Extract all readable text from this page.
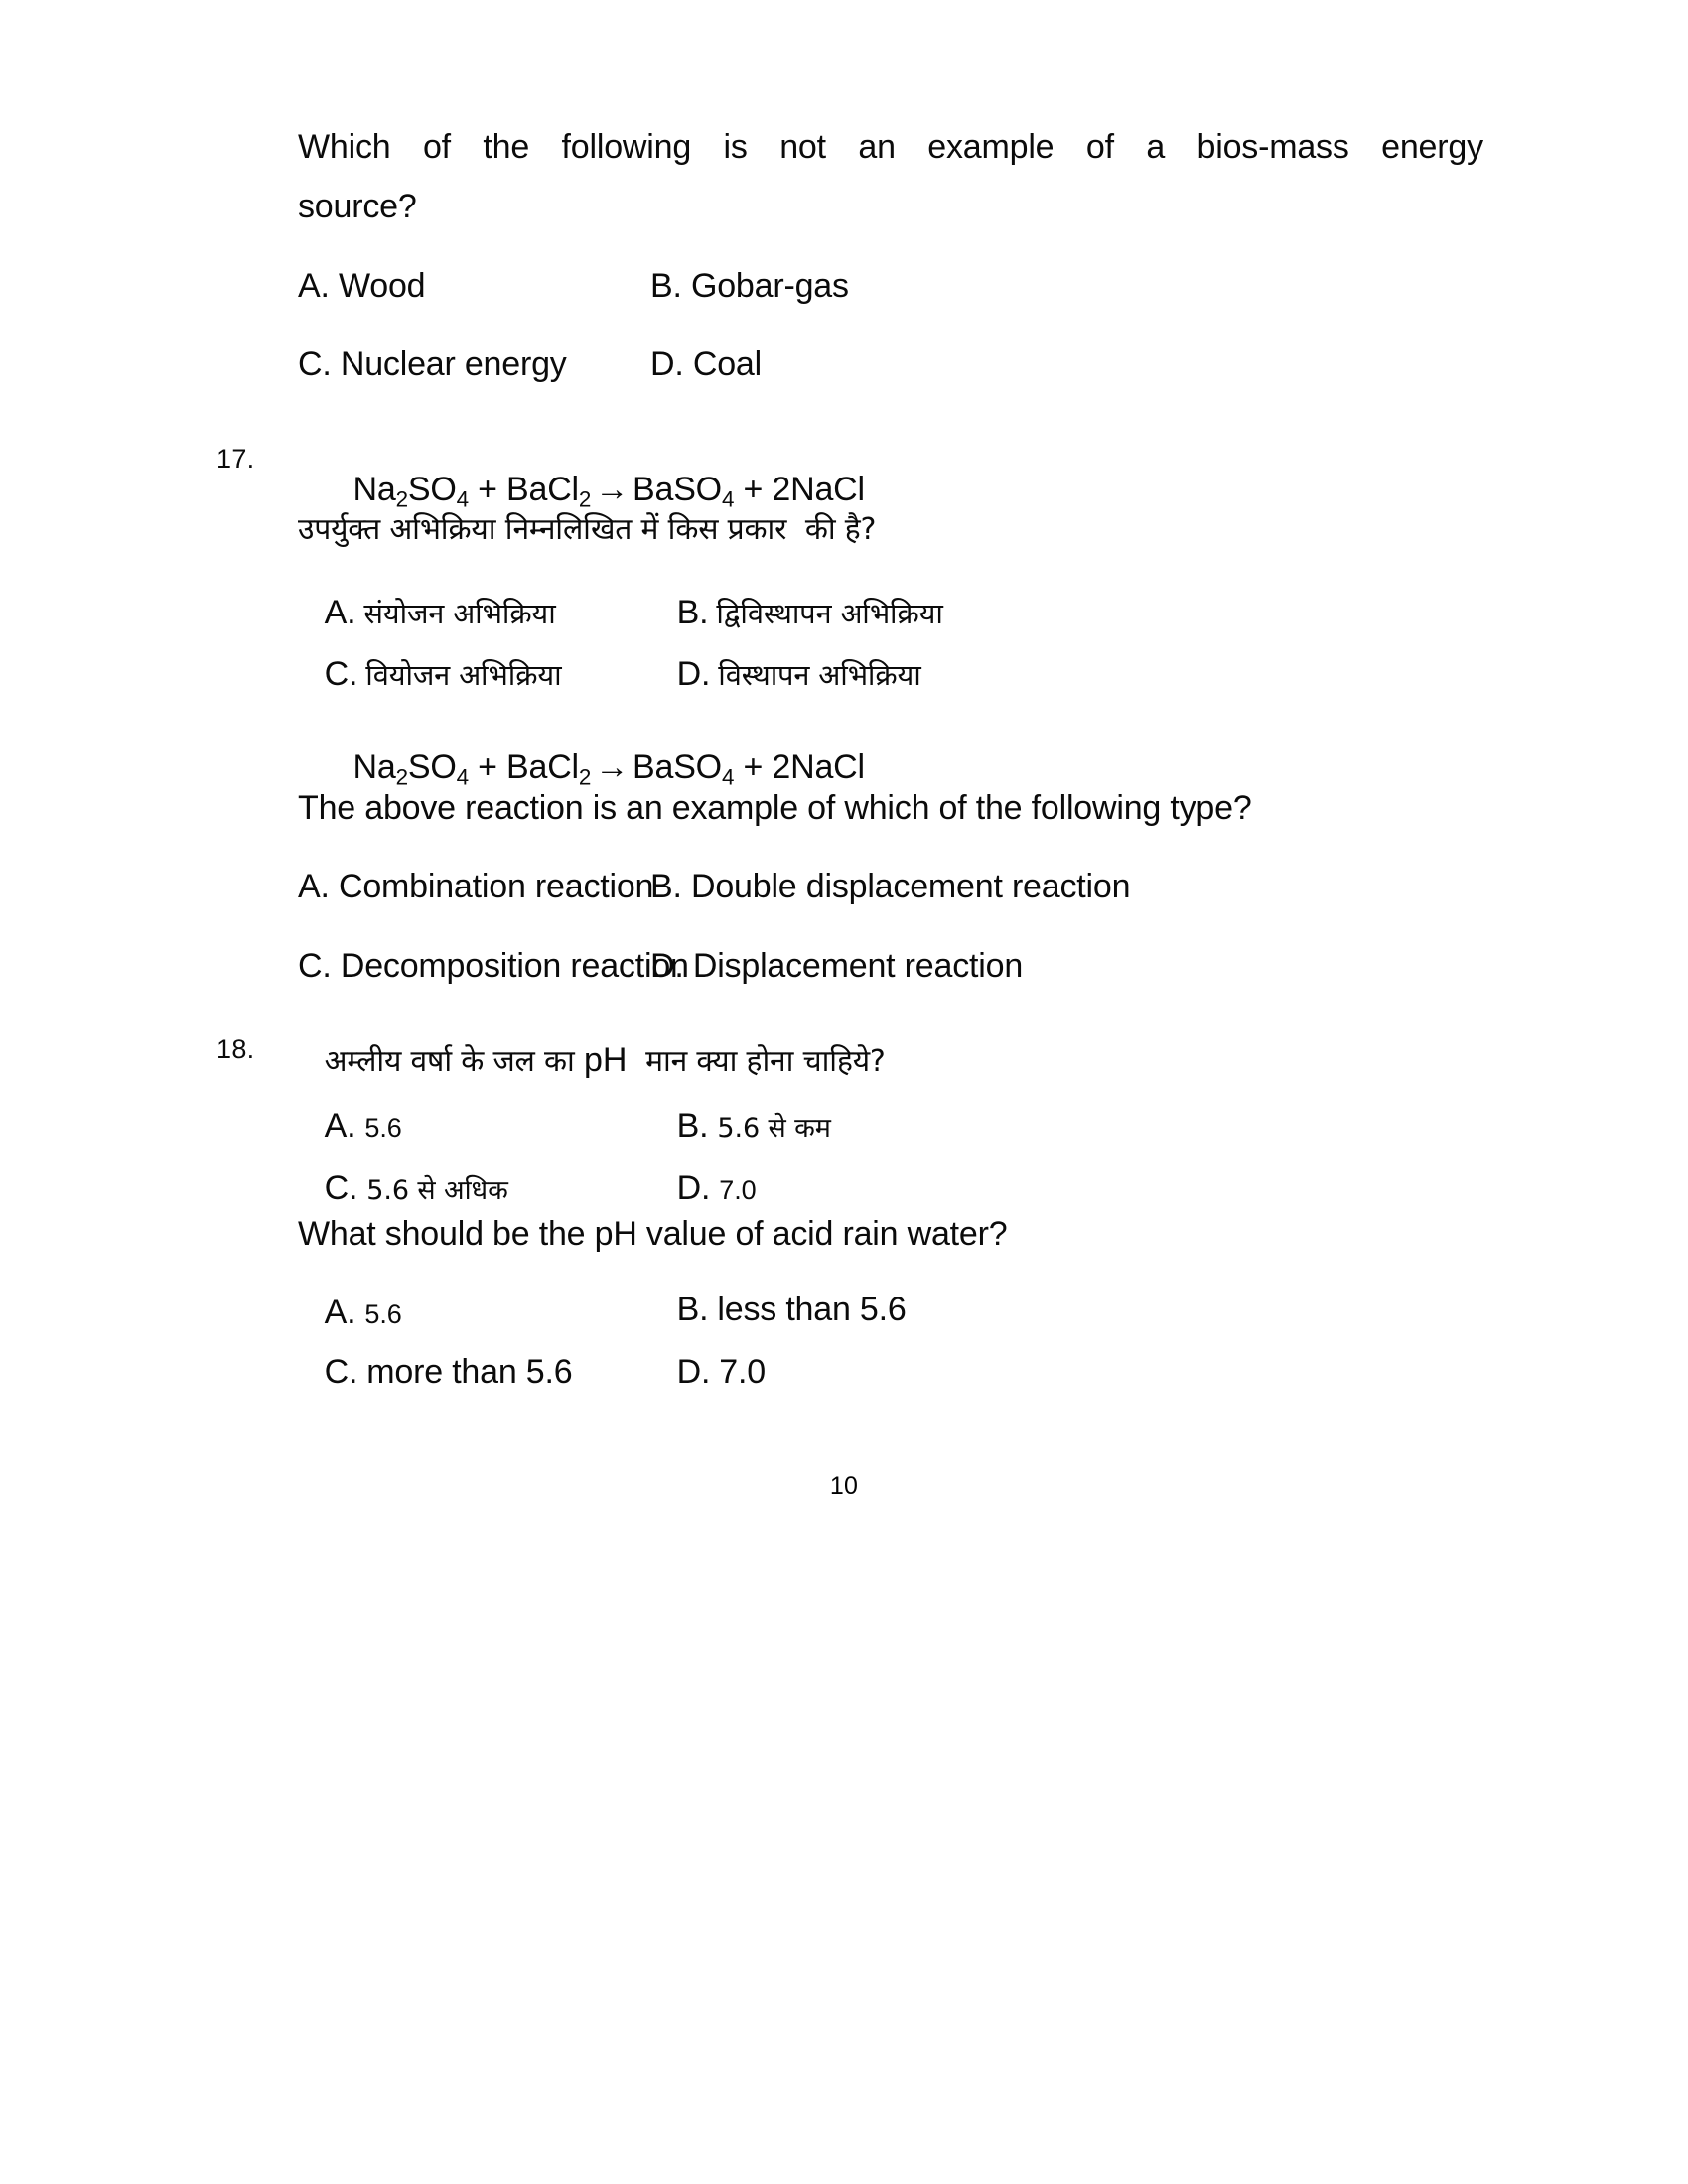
Which  of  the  following  is  not  an  example  of  a  bios-mass  energy
source?
A. Wood	B. Gobar-gas
C. Nuclear energy D. Coal
17.

$Na_2SO_4$ + BaCl$_2$ → BaSO$_4$ + 2NaCl

उपर्युक्त अभिक्रिया निम्नलिखित में किस प्रकार  की है?

A. संयोजन अभिक्रिया
	B. द्विविस्थापन अभिक्रिया

C. वियोजन अभिक्रिया
	D. विस्थापन अभिक्रिया

$Na_2SO_4$ + BaCl$_2$ → BaSO$_4$ + 2NaCl

The above reaction is an example of which of the following type?
A. Combination reaction
B. Double displacement reaction
C. Decomposition reaction
D. Displacement reaction
18.	अम्लीय वर्षा के जल का pH  मान क्या होना चाहिये?

A. 5.6
	B. 5.6 से कम

C. 5.6 से अधिक
	D. 7.0

What should be the pH value of acid rain water?

A. 5.6
	B. less than 5.6

C. more than 5.6
	D. 7.0

10
